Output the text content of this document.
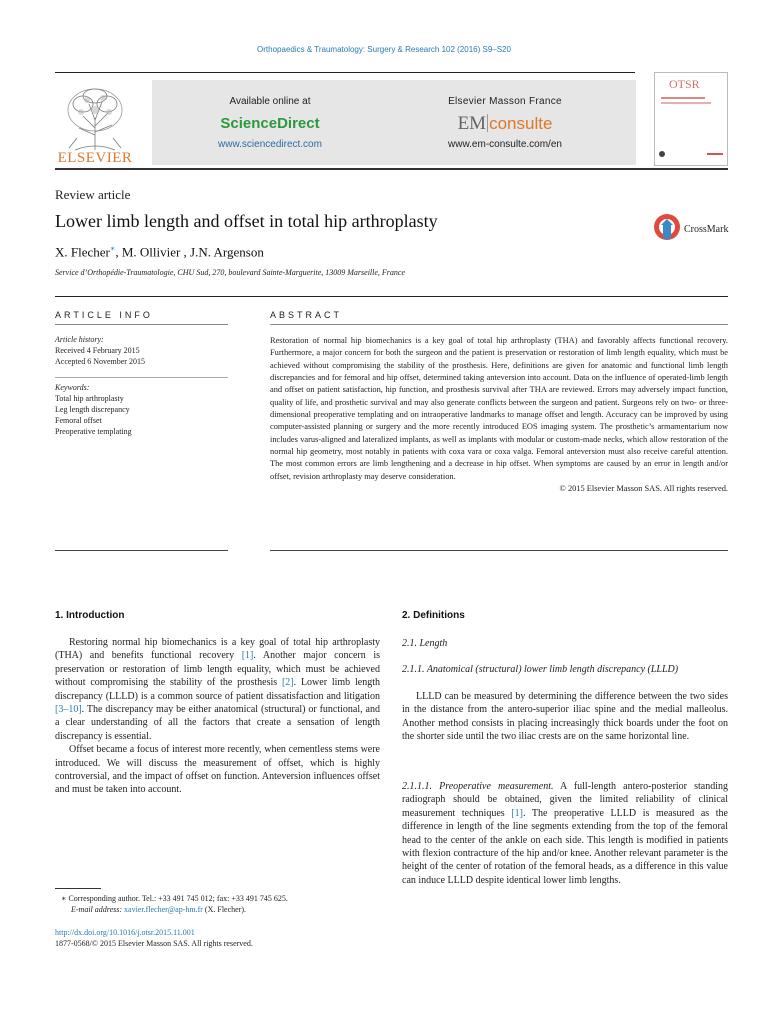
Orthopaedics & Traumatology: Surgery & Research 102 (2016) S9–S20
ELSEVIER
Available online at
ScienceDirect
www.sciencedirect.com
Elsevier Masson France
EM consulte
www.em-consulte.com/en
OTSR
Review article
Lower limb length and offset in total hip arthroplasty
X. Flecher∗, M. Ollivier , J.N. Argenson
Service d’Orthopédie-Traumatologie, CHU Sud, 270, boulevard Sainte-Marguerite, 13009 Marseille, France
CrossMark
ARTICLE INFO
Article history:
Received 4 February 2015
Accepted 6 November 2015
Keywords:
Total hip arthroplasty
Leg length discrepancy
Femoral offset
Preoperative templating
ABSTRACT

Restoration of normal hip biomechanics is a key goal of total hip arthroplasty (THA) and favorably affects functional recovery. Furthermore, a major concern for both the surgeon and the patient is preservation or restoration of limb length equality, which must be achieved without compromising the stability of the prosthesis. Here, definitions are given for anatomic and functional limb length discrepancies and for femoral and hip offset, determined taking anteversion into account. Data on the influence of operated-limb length and offset on patient satisfaction, hip function, and prosthesis survival after THA are reviewed. Errors may adversely impact function, quality of life, and prosthetic survival and may also generate conflicts between the surgeon and patient. Surgeons rely on two- or three-dimensional preoperative templating and on intraoperative landmarks to manage offset and length. Accuracy can be improved by using computer-assisted planning or surgery and the more recently introduced EOS imaging system. The prosthetic’s armamentarium now includes varus-aligned and lateralized implants, as well as implants with modular or custom-made necks, which allow restoration of the normal hip geometry, most notably in patients with coxa vara or coxa valga. Femoral anteversion must also receive careful attention. The most common errors are limb lengthening and a decrease in hip offset. When symptoms are caused by an error in length and/or offset, revision arthroplasty may deserve consideration.

© 2015 Elsevier Masson SAS. All rights reserved.

1. Introduction

Restoring normal hip biomechanics is a key goal of total hip arthroplasty (THA) and benefits functional recovery [1]. Another major concern is preservation or restoration of limb length equality, which must be achieved without compromising the stability of the prosthesis [2]. Lower limb length discrepancy (LLLD) is a common source of patient dissatisfaction and litigation [3–10]. The discrepancy may be either anatomical (structural) or functional, and a clear understanding of all the factors that create a sensation of length discrepancy is essential.

Offset became a focus of interest more recently, when cementless stems were introduced. We will discuss the measurement of offset, which is highly controversial, and the impact of offset on function. Anteversion influences offset and must be taken into account.

2. Definitions
2.1. Length
2.1.1. Anatomical (structural) lower limb length discrepancy (LLLD)

LLLD can be measured by determining the difference between the two sides in the distance from the antero-superior iliac spine and the medial malleolus. Another method consists in placing increasingly thick boards under the foot on the shorter side until the two iliac crests are on the same horizontal line.

2.1.1.1. Preoperative measurement. A full-length antero-posterior standing radiograph should be obtained, given the limited reliability of clinical measurement techniques [1]. The preoperative LLLD is measured as the difference in length of the line segments extending from the top of the femoral head to the center of the ankle on each side. This length is modified in patients with flexion contracture of the hip and/or knee. Another relevant parameter is the height of the center of rotation of the femoral heads, as a difference in this value can induce LLLD despite identical lower limb lengths.

∗ Corresponding author. Tel.: +33 491 745 012; fax: +33 491 745 625.
E-mail address: xavier.flecher@ap-hm.fr (X. Flecher).
http://dx.doi.org/10.1016/j.otsr.2015.11.001
1877-0568/© 2015 Elsevier Masson SAS. All rights reserved.
